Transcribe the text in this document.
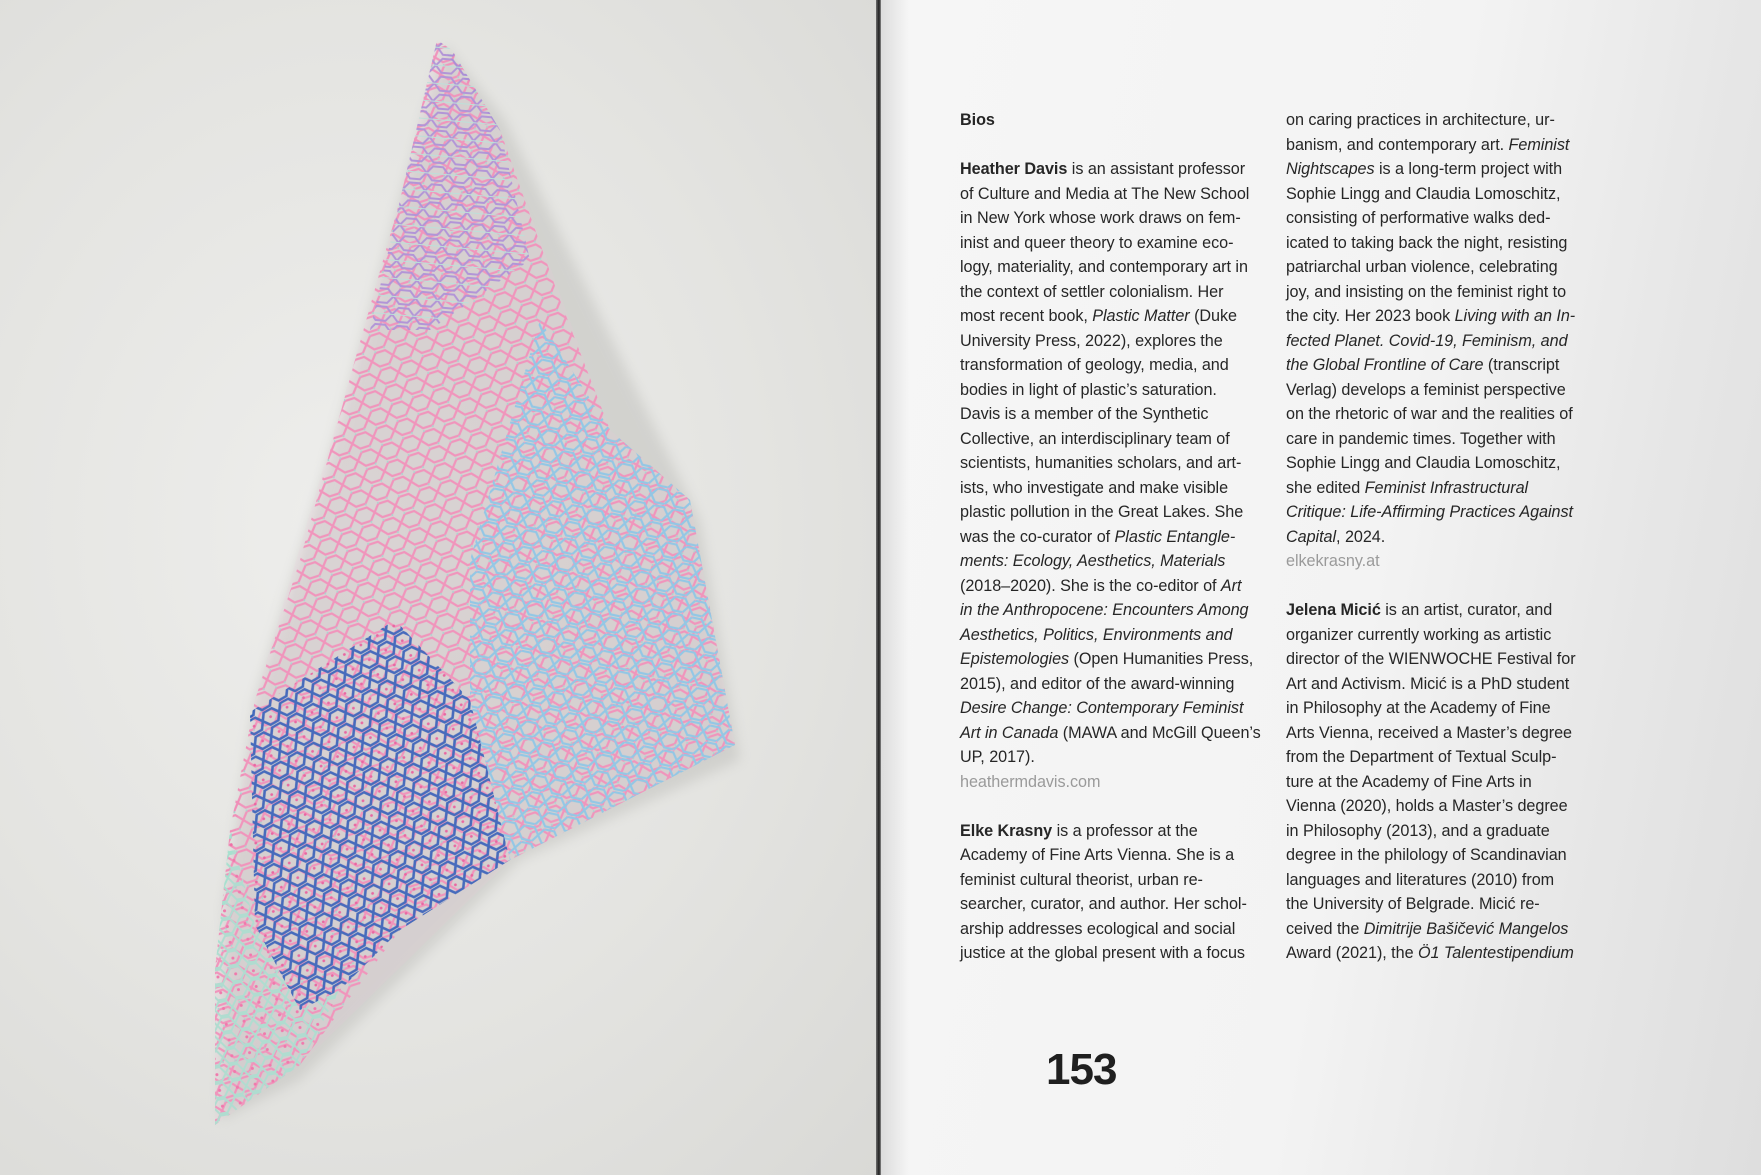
Bios

Heather Davis is an assistant professor
of Culture and Media at The New School
in New York whose work draws on fem-
inist and queer theory to examine eco-
logy, materiality, and contemporary art in
the context of settler colonialism. Her
most recent book, Plastic Matter (Duke
University Press, 2022), explores the
transformation of geology, media, and
bodies in light of plastic’s saturation.
Davis is a member of the Synthetic
Collective, an interdisciplinary team of
scientists, humanities scholars, and art-
ists, who investigate and make visible
plastic pollution in the Great Lakes. She
was the co-curator of Plastic Entangle-
ments: Ecology, Aesthetics, Materials
(2018–2020). She is the co-editor of Art
in the Anthropocene: Encounters Among
Aesthetics, Politics, Environments and
Epistemologies (Open Humanities Press,
2015), and editor of the award-winning
Desire Change: Contemporary Feminist
Art in Canada (MAWA and McGill Queen’s
UP, 2017).
heathermdavis.com

Elke Krasny is a professor at the
Academy of Fine Arts Vienna. She is a
feminist cultural theorist, urban re-
searcher, curator, and author. Her schol-
arship addresses ecological and social
justice at the global present with a focus

on caring practices in architecture, ur-
banism, and contemporary art. Feminist
Nightscapes is a long-term project with
Sophie Lingg and Claudia Lomoschitz,
consisting of performative walks ded-
icated to taking back the night, resisting
patriarchal urban violence, celebrating
joy, and insisting on the feminist right to
the city. Her 2023 book Living with an In-
fected Planet. Covid-19, Feminism, and
the Global Frontline of Care (transcript
Verlag) develops a feminist perspective
on the rhetoric of war and the realities of
care in pandemic times. Together with
Sophie Lingg and Claudia Lomoschitz,
she edited Feminist Infrastructural
Critique: Life-Affirming Practices Against
Capital, 2024.
elkekrasny.at

Jelena Micić is an artist, curator, and
organizer currently working as artistic
director of the WIENWOCHE Festival for
Art and Activism. Micić is a PhD student
in Philosophy at the Academy of Fine
Arts Vienna, received a Master’s degree
from the Department of Textual Sculp-
ture at the Academy of Fine Arts in
Vienna (2020), holds a Master’s degree
in Philosophy (2013), and a graduate
degree in the philology of Scandinavian
languages and literatures (2010) from
the University of Belgrade. Micić re-
ceived the Dimitrije Bašičević Mangelos
Award (2021), the Ö1 Talentestipendium

153
